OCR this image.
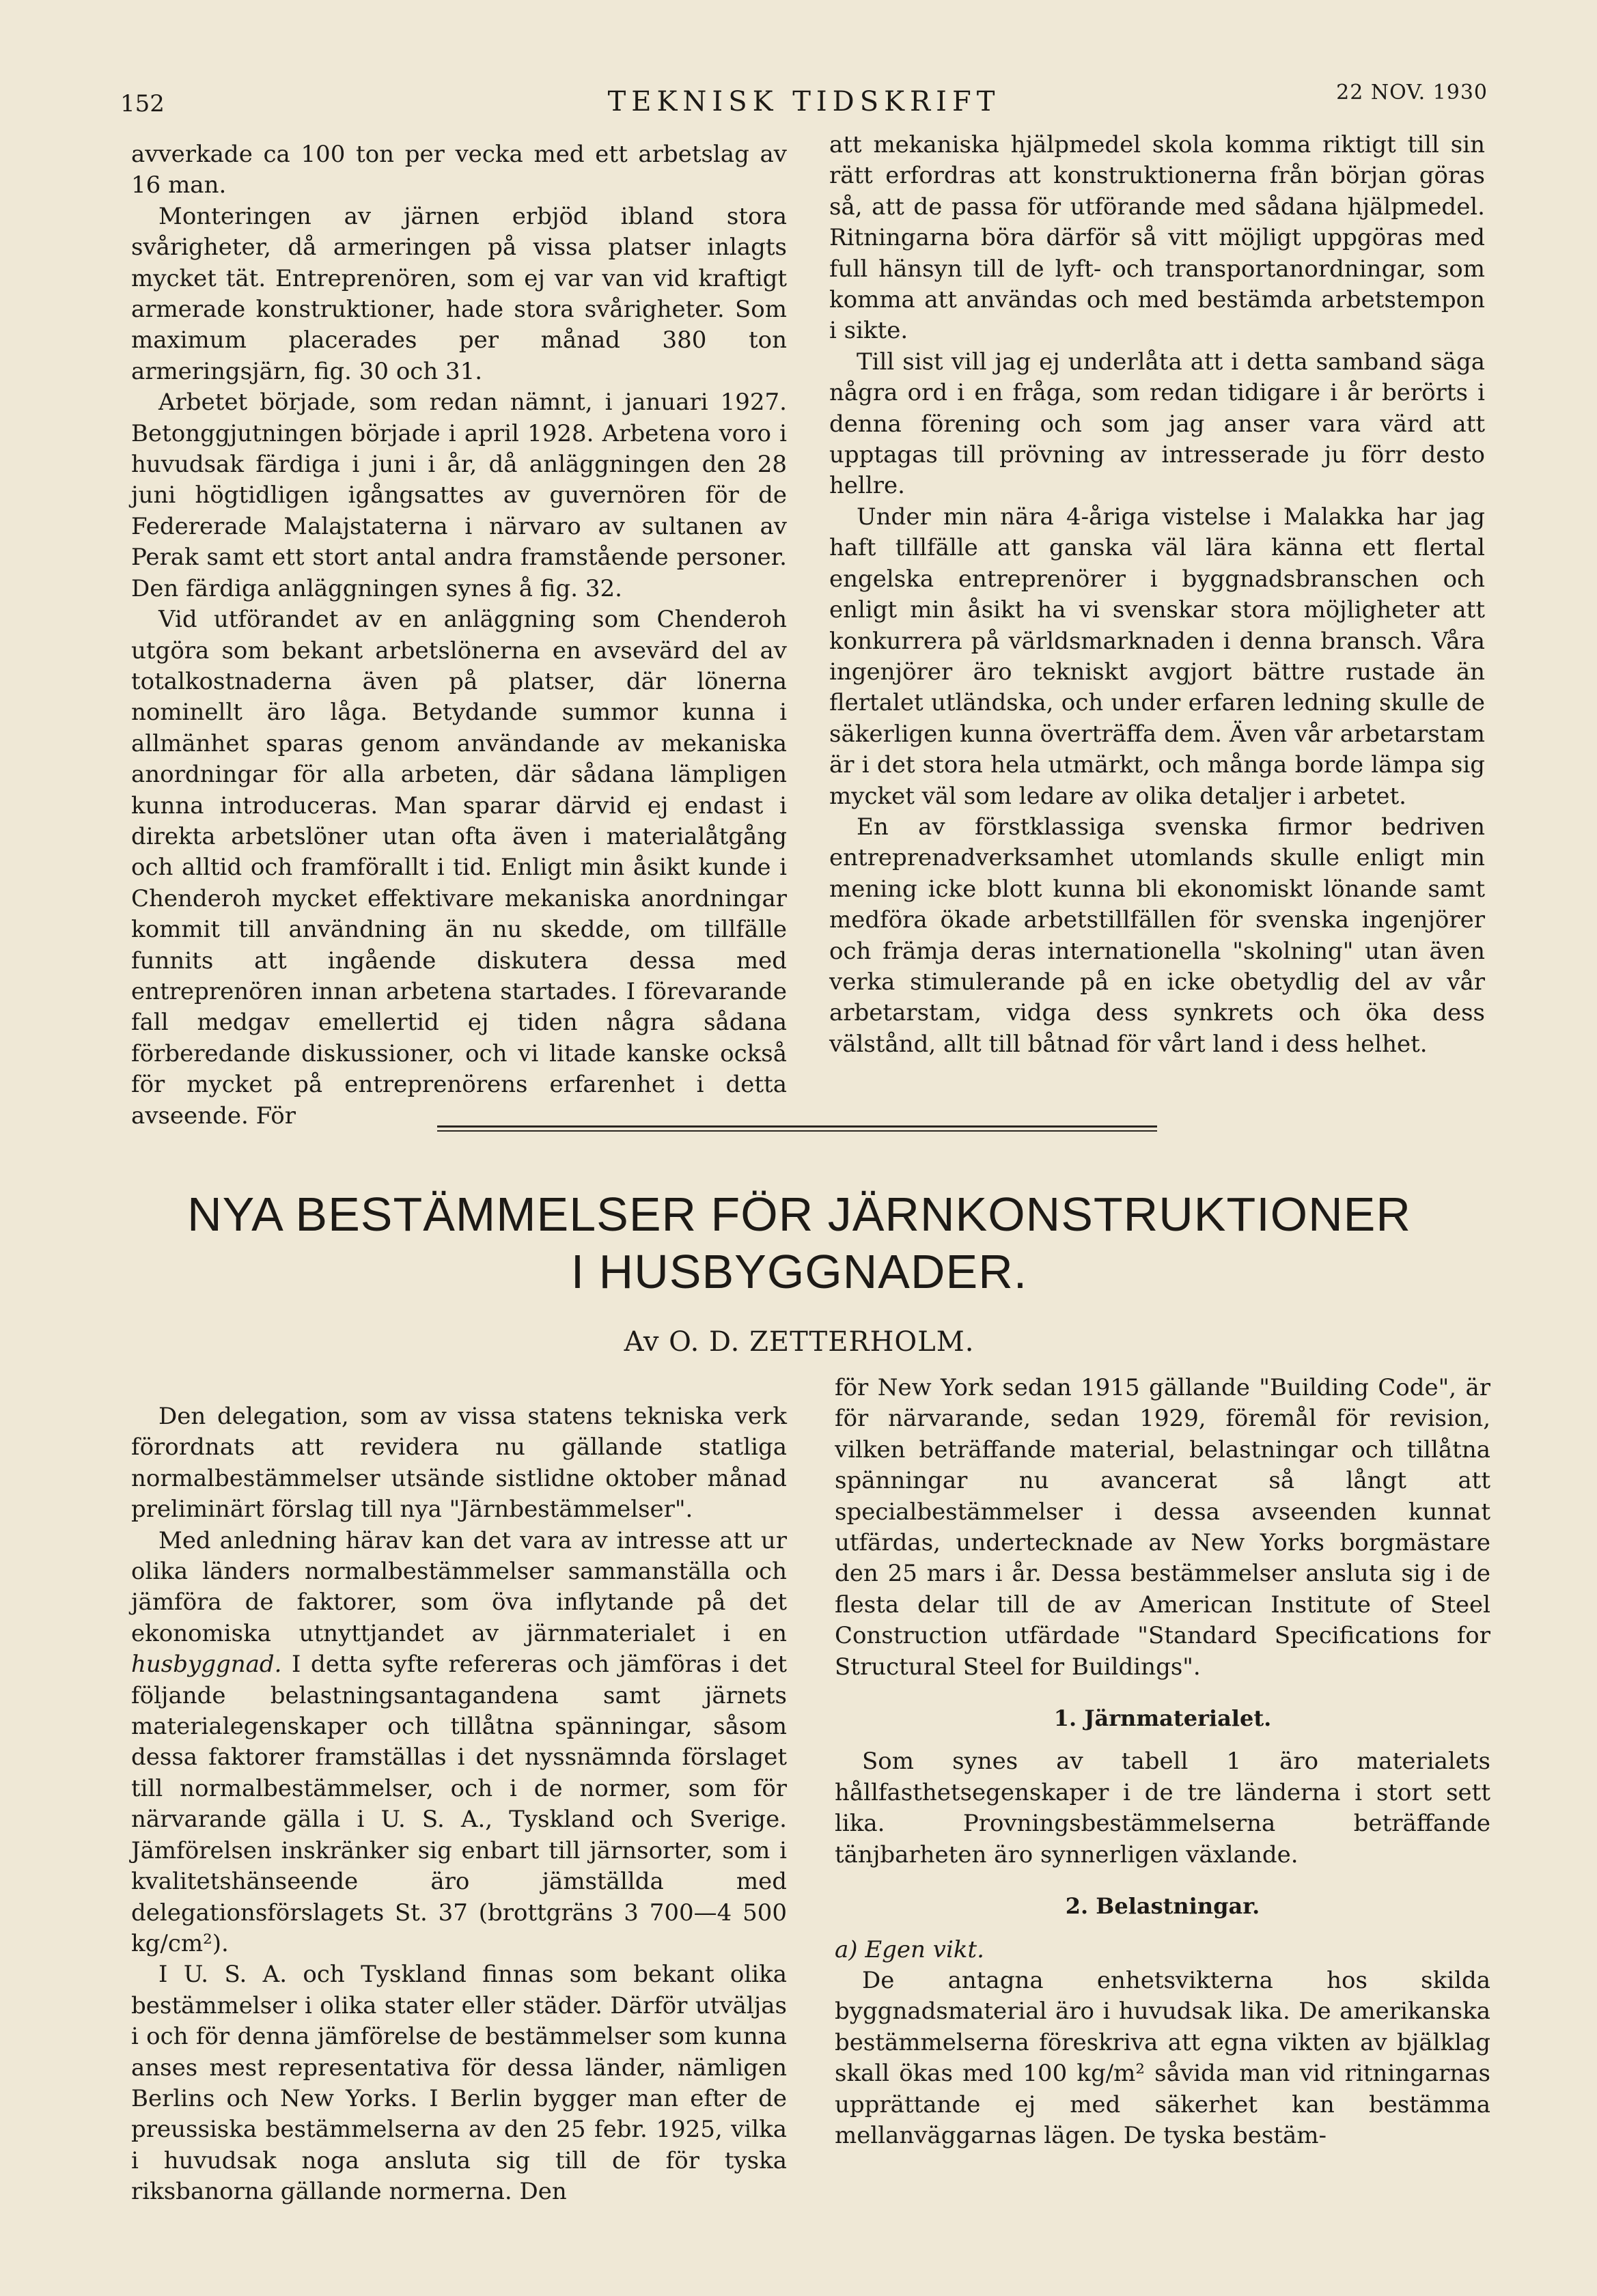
152	TEKNISK TIDSKRIFT	22 NOV. 1930

avverkade ca 100 ton per vecka med ett arbetslag av 16 man.

Monteringen av järnen erbjöd ibland stora svårigheter, då armeringen på vissa platser inlagts mycket tät. Entreprenören, som ej var van vid kraftigt armerade konstruktioner, hade stora svårigheter. Som maximum placerades per månad 380 ton armeringsjärn, fig. 30 och 31.

Arbetet började, som redan nämnt, i januari 1927. Betonggjutningen började i april 1928. Arbetena voro i huvudsak färdiga i juni i år, då anläggningen den 28 juni högtidligen igångsattes av guvernören för de Federerade Malajstaterna i närvaro av sultanen av Perak samt ett stort antal andra framstående personer. Den färdiga anläggningen synes å fig. 32.

Vid utförandet av en anläggning som Chenderoh utgöra som bekant arbetslönerna en avsevärd del av totalkostnaderna även på platser, där lönerna nominellt äro låga. Betydande summor kunna i allmänhet sparas genom användande av mekaniska anordningar för alla arbeten, där sådana lämpligen kunna introduceras. Man sparar därvid ej endast i direkta arbetslöner utan ofta även i materialåtgång och alltid och framförallt i tid. Enligt min åsikt kunde i Chenderoh mycket effektivare mekaniska anordningar kommit till användning än nu skedde, om tillfälle funnits att ingående diskutera dessa med entreprenören innan arbetena startades. I förevarande fall medgav emellertid ej tiden några sådana förberedande diskussioner, och vi litade kanske också för mycket på entreprenörens erfarenhet i detta avseende. För

att mekaniska hjälpmedel skola komma riktigt till sin rätt erfordras att konstruktionerna från början göras så, att de passa för utförande med sådana hjälpmedel. Ritningarna böra därför så vitt möjligt uppgöras med full hänsyn till de lyft- och transportanordningar, som komma att användas och med bestämda arbetstempon i sikte.

Till sist vill jag ej underlåta att i detta samband säga några ord i en fråga, som redan tidigare i år berörts i denna förening och som jag anser vara värd att upptagas till prövning av intresserade ju förr desto hellre.

Under min nära 4-åriga vistelse i Malakka har jag haft tillfälle att ganska väl lära känna ett flertal engelska entreprenörer i byggnadsbranschen och enligt min åsikt ha vi svenskar stora möjligheter att konkurrera på världsmarknaden i denna bransch. Våra ingenjörer äro tekniskt avgjort bättre rustade än flertalet utländska, och under erfaren ledning skulle de säkerligen kunna överträffa dem. Även vår arbetarstam är i det stora hela utmärkt, och många borde lämpa sig mycket väl som ledare av olika detaljer i arbetet.

En av förstklassiga svenska firmor bedriven entreprenadverksamhet utomlands skulle enligt min mening icke blott kunna bli ekonomiskt lönande samt medföra ökade arbetstillfällen för svenska ingenjörer och främja deras internationella "skolning" utan även verka stimulerande på en icke obetydlig del av vår arbetarstam, vidga dess synkrets och öka dess välstånd, allt till båtnad för vårt land i dess helhet.

NYA BESTÄMMELSER FÖR JÄRNKONSTRUKTIONER
I HUSBYGGNADER.
Av O. D. ZETTERHOLM.

Den delegation, som av vissa statens tekniska verk förordnats att revidera nu gällande statliga normalbestämmelser utsände sistlidne oktober månad preliminärt förslag till nya "Järnbestämmelser".

Med anledning härav kan det vara av intresse att ur olika länders normalbestämmelser sammanställa och jämföra de faktorer, som öva inflytande på det ekonomiska utnyttjandet av järnmaterialet i en husbyggnad. I detta syfte refereras och jämföras i det följande belastningsantagandena samt järnets materialegenskaper och tillåtna spänningar, såsom dessa faktorer framställas i det nyssnämnda förslaget till normalbestämmelser, och i de normer, som för närvarande gälla i U. S. A., Tyskland och Sverige. Jämförelsen inskränker sig enbart till järnsorter, som i kvalitetshänseende äro jämställda med delegationsförslagets St. 37 (brottgräns 3 700—4 500 kg/cm²).

I U. S. A. och Tyskland finnas som bekant olika bestämmelser i olika stater eller städer. Därför utväljas i och för denna jämförelse de bestämmelser som kunna anses mest representativa för dessa länder, nämligen Berlins och New Yorks. I Berlin bygger man efter de preussiska bestämmelserna av den 25 febr. 1925, vilka i huvudsak noga ansluta sig till de för tyska riksbanorna gällande normerna. Den

för New York sedan 1915 gällande "Building Code", är för närvarande, sedan 1929, föremål för revision, vilken beträffande material, belastningar och tillåtna spänningar nu avancerat så långt att specialbestämmelser i dessa avseenden kunnat utfärdas, undertecknade av New Yorks borgmästare den 25 mars i år. Dessa bestämmelser ansluta sig i de flesta delar till de av American Institute of Steel Construction utfärdade "Standard Specifications for Structural Steel for Buildings".

1. Järnmaterialet.

Som synes av tabell 1 äro materialets hållfasthetsegenskaper i de tre länderna i stort sett lika. Provningsbestämmelserna beträffande tänjbarheten äro synnerligen växlande.

2. Belastningar.

a) Egen vikt.

De antagna enhetsvikterna hos skilda byggnadsmaterial äro i huvudsak lika. De amerikanska bestämmelserna föreskriva att egna vikten av bjälklag skall ökas med 100 kg/m² såvida man vid ritningarnas upprättande ej med säkerhet kan bestämma mellanväggarnas lägen. De tyska bestäm-
